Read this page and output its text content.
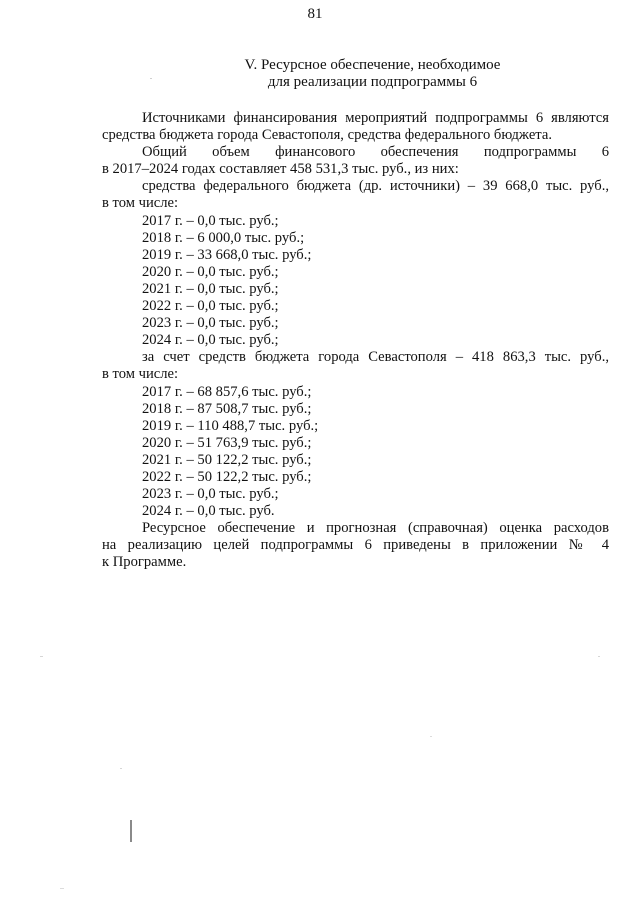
81
V. Ресурсное обеспечение, необходимое
для реализации подпрограммы 6

Источниками финансирования мероприятий подпрограммы 6 являются

средства бюджета города Севастополя, средства федерального бюджета.

Общий объем финансового обеспечения подпрограммы 6

в 2017–2024 годах составляет 458 531,3 тыс. руб., из них:

средства федерального бюджета (др. источники) – 39 668,0 тыс. руб.,

в том числе:

2017 г. – 0,0 тыс. руб.;
2018 г. – 6 000,0 тыс. руб.;
2019 г. – 33 668,0 тыс. руб.;
2020 г. – 0,0 тыс. руб.;
2021 г. – 0,0 тыс. руб.;
2022 г. – 0,0 тыс. руб.;
2023 г. – 0,0 тыс. руб.;
2024 г. – 0,0 тыс. руб.;

за счет средств бюджета города Севастополя – 418 863,3 тыс. руб.,

в том числе:

2017 г. – 68 857,6 тыс. руб.;
2018 г. – 87 508,7 тыс. руб.;
2019 г. – 110 488,7 тыс. руб.;
2020 г. – 51 763,9 тыс. руб.;
2021 г. – 50 122,2 тыс. руб.;
2022 г. – 50 122,2 тыс. руб.;
2023 г. – 0,0 тыс. руб.;
2024 г. – 0,0 тыс. руб.

Ресурсное обеспечение и прогнозная (справочная) оценка расходов

на реализацию целей подпрограммы 6 приведены в приложении № 4

к Программе.
